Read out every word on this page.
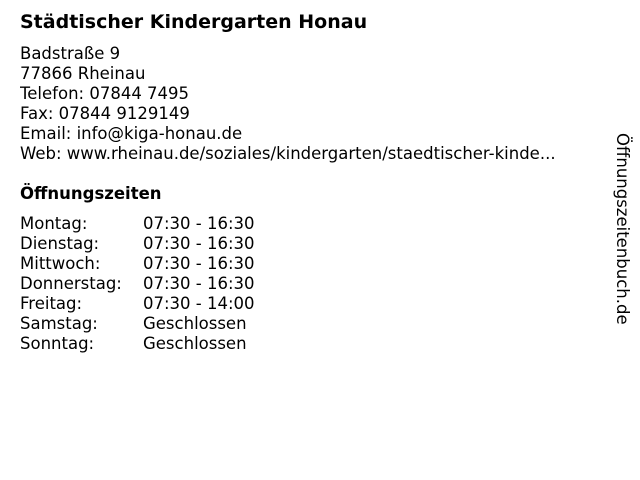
Städtischer Kindergarten Honau
Badstraße 9
77866 Rheinau
Telefon: 07844 7495
Fax: 07844 9129149
Email: info@kiga-honau.de
Web: www.rheinau.de/soziales/kindergarten/staedtischer-kinde...
Öffnungszeiten
Montag:	07:30 - 16:30
Dienstag:	07:30 - 16:30
Mittwoch:	07:30 - 16:30
Donnerstag:	07:30 - 16:30
Freitag:	07:30 - 14:00
Samstag:	Geschlossen
Sonntag:	Geschlossen
Öffnungszeitenbuch.de
